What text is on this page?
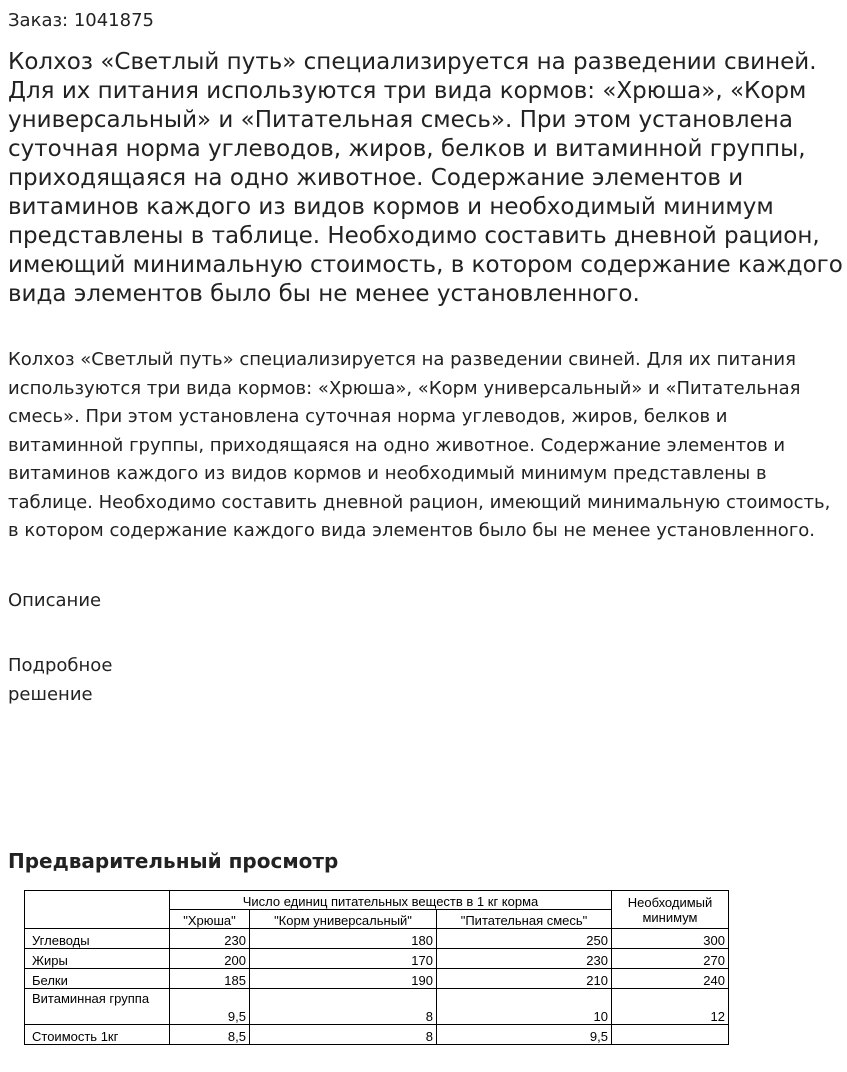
Заказ: 1041875

Колхоз «Светлый путь» специализируется на разведении свиней. Для их питания используются три вида кормов: «Хрюша», «Корм универсальный» и «Питательная смесь». При этом установлена суточная норма углеводов, жиров, белков и витаминной группы, приходящаяся на одно животное. Содержание элементов и витаминов каждого из видов кормов и необходимый минимум представлены в таблице. Необходимо составить дневной рацион, имеющий минимальную стоимость, в котором содержание каждого вида элементов было бы не менее установленного.

Колхоз «Светлый путь» специализируется на разведении свиней. Для их питания используются три вида кормов: «Хрюша», «Корм универсальный» и «Питательная смесь». При этом установлена суточная норма углеводов, жиров, белков и витаминной группы, приходящаяся на одно животное. Содержание элементов и витаминов каждого из видов кормов и необходимый минимум представлены в таблице. Необходимо составить дневной рацион, имеющий минимальную стоимость, в котором содержание каждого вида элементов было бы не менее установленного.

Описание
Подробное решение
Предварительный просмотр
	Число единиц питательных веществ в 1 кг корма			Необходимый минимум
	"Хрюша"	"Корм универсальный"	"Питательная смесь"	
Углеводы	230	180	250	300
Жиры	200	170	230	270
Белки	185	190	210	240
Витаминная группа	9,5	8	10	12
Стоимость 1кг	8,5	8	9,5	
